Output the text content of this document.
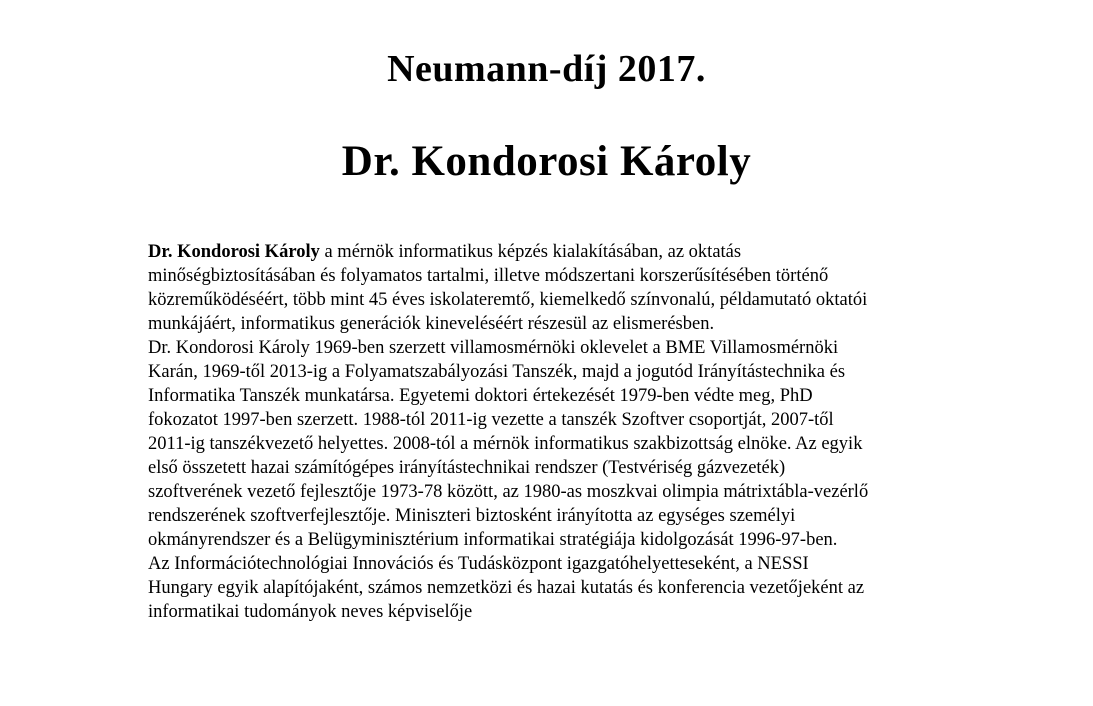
Neumann-díj 2017.
Dr. Kondorosi Károly
Dr. Kondorosi Károly a mérnök informatikus képzés kialakításában, az oktatás
minőségbiztosításában és folyamatos tartalmi, illetve módszertani korszerűsítésében történő
közreműködéséért, több mint 45 éves iskolateremtő, kiemelkedő színvonalú, példamutató oktatói
munkájáért, informatikus generációk kineveléséért részesül az elismerésben.
Dr. Kondorosi Károly 1969-ben szerzett villamosmérnöki oklevelet a BME Villamosmérnöki
Karán, 1969-től 2013-ig a Folyamatszabályozási Tanszék, majd a jogutód Irányítástechnika és
Informatika Tanszék munkatársa. Egyetemi doktori értekezését 1979-ben védte meg, PhD
fokozatot 1997-ben szerzett. 1988-tól 2011-ig vezette a tanszék Szoftver csoportját, 2007-től
2011-ig tanszékvezető helyettes. 2008-tól a mérnök informatikus szakbizottság elnöke. Az egyik
első összetett hazai számítógépes irányítástechnikai rendszer (Testvériség gázvezeték)
szoftverének vezető fejlesztője 1973-78 között, az 1980-as moszkvai olimpia mátrixtábla-vezérlő
rendszerének szoftverfejlesztője. Miniszteri biztosként irányította az egységes személyi
okmányrendszer és a Belügyminisztérium informatikai stratégiája kidolgozását 1996-97-ben.
Az Információtechnológiai Innovációs és Tudásközpont igazgatóhelyetteseként, a NESSI
Hungary egyik alapítójaként, számos nemzetközi és hazai kutatás és konferencia vezetőjeként az
informatikai tudományok neves képviselője
